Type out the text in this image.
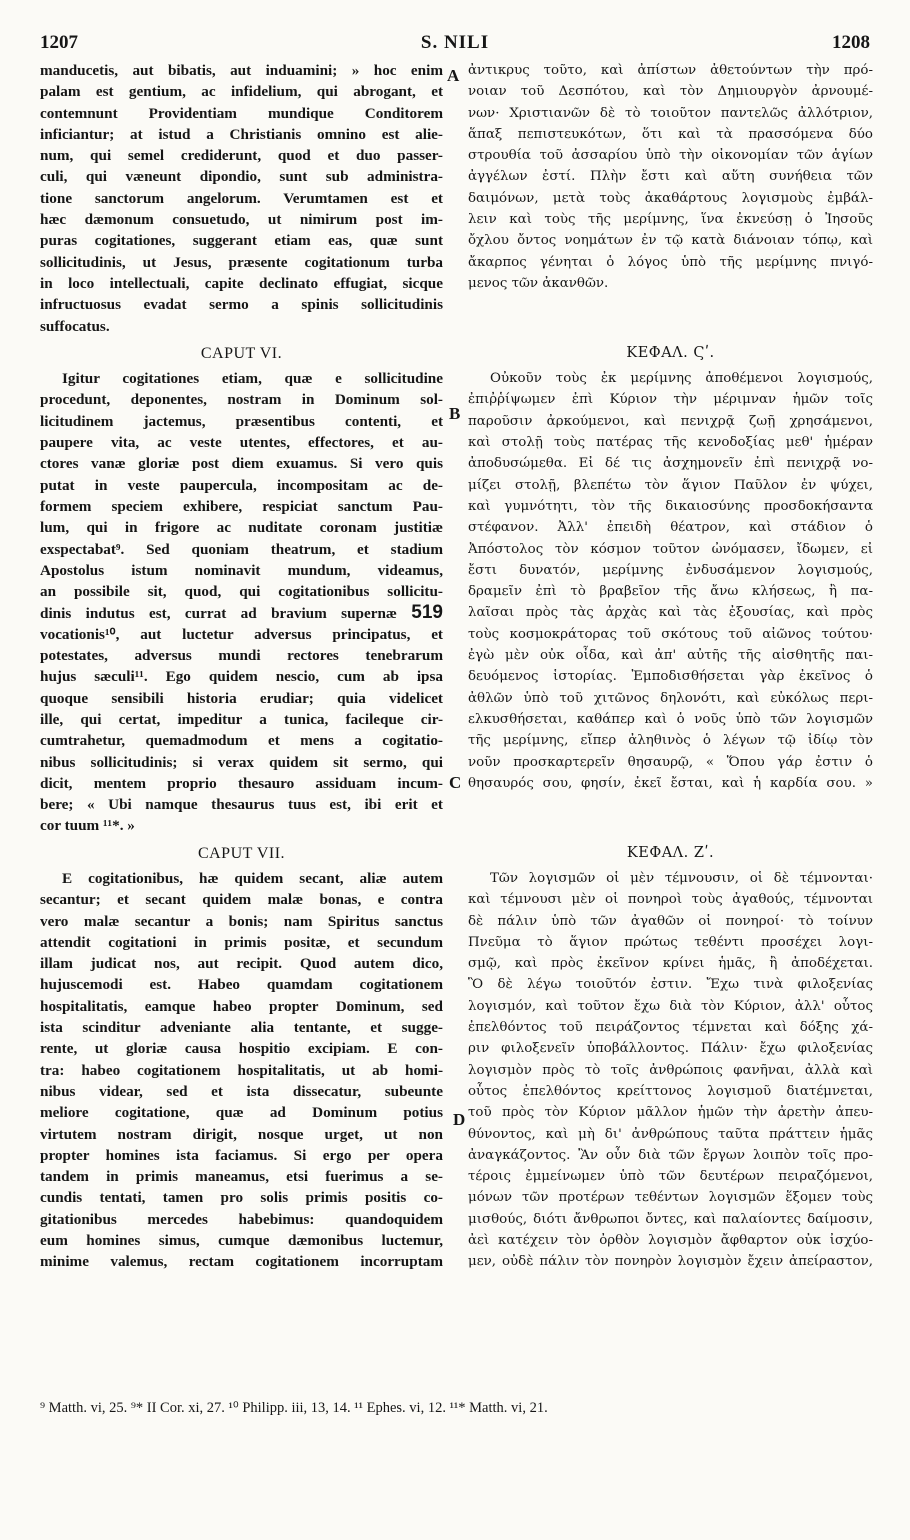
S. NILI
1207	1208
A
B
C
D
manducetis, aut bibatis, aut induamini; » hoc enim
palam est gentium, ac infidelium, qui abrogant, et
contemnunt Providentiam mundique Conditorem
inficiantur; at istud a Christianis omnino est alie-
num, qui semel crediderunt, quod et duo passer-
culi, qui væneunt dipondio, sunt sub administra-
tione sanctorum angelorum. Verumtamen est et
hæc dæmonum consuetudo, ut nimirum post im-
puras cogitationes, suggerant etiam eas, quæ sunt
sollicitudinis, ut Jesus, præsente cogitationum turba
in loco intellectuali, capite declinato effugiat, sicque
infructuosus evadat sermo a spinis sollicitudinis
suffocatus.
CAPUT VI.
Igitur cogitationes etiam, quæ e sollicitudine
procedunt, deponentes, nostram in Dominum sol-
licitudinem jactemus, præsentibus contenti, et
paupere vita, ac veste utentes, effectores, et au-
ctores vanæ gloriæ post diem exuamus. Si vero quis
putat in veste paupercula, incompositam ac de-
formem speciem exhibere, respiciat sanctum Pau-
lum, qui in frigore ac nuditate coronam justitiæ
exspectabat⁹. Sed quoniam theatrum, et stadium
Apostolus istum nominavit mundum, videamus,
an possibile sit, quod, qui cogitationibus sollicitu-
dinis indutus est, currat ad bravium supernæ 519
vocationis¹⁰, aut luctetur adversus principatus, et
potestates, adversus mundi rectores tenebrarum
hujus sæculi¹¹. Ego quidem nescio, cum ab ipsa
quoque sensibili historia erudiar; quia videlicet
ille, qui certat, impeditur a tunica, facileque cir-
cumtrahetur, quemadmodum et mens a cogitatio-
nibus sollicitudinis; si verax quidem sit sermo, qui
dicit, mentem proprio thesauro assiduam incum-
bere; « Ubi namque thesaurus tuus est, ibi erit et
cor tuum ¹¹*. »
CAPUT VII.
E cogitationibus, hæ quidem secant, aliæ autem
secantur; et secant quidem malæ bonas, e contra
vero malæ secantur a bonis; nam Spiritus sanctus
attendit cogitationi in primis positæ, et secundum
illam judicat nos, aut recipit. Quod autem dico,
hujuscemodi est. Habeo quamdam cogitationem
hospitalitatis, eamque habeo propter Dominum, sed
ista scinditur adveniante alia tentante, et sugge-
rente, ut gloriæ causa hospitio excipiam. E con-
tra: habeo cogitationem hospitalitatis, ut ab homi-
nibus videar, sed et ista dissecatur, subeunte
meliore cogitatione, quæ ad Dominum potius
virtutem nostram dirigit, nosque urget, ut non
propter homines ista faciamus. Si ergo per opera
tandem in primis maneamus, etsi fuerimus a se-
cundis tentati, tamen pro solis primis positis co-
gitationibus mercedes habebimus: quandoquidem
eum homines simus, cumque dæmonibus luctemur,
minime valemus, rectam cogitationem incorruptam
ἀντικρυς τοῦτο, καὶ ἀπίστων ἀθετούντων τὴν πρό-
νοιαν τοῦ Δεσπότου, καὶ τὸν Δημιουργὸν ἀρνουμέ-
νων· Χριστιανῶν δὲ τὸ τοιοῦτον παντελῶς ἀλλότριον,
ἅπαξ πεπιστευκότων, ὅτι καὶ τὰ πρασσόμενα δύο
στρουθία τοῦ ἀσσαρίου ὑπὸ τὴν οἰκονομίαν τῶν ἁγίων
ἀγγέλων ἐστί. Πλὴν ἔστι καὶ αὕτη συνήθεια τῶν
δαιμόνων, μετὰ τοὺς ἀκαθάρτους λογισμοὺς ἐμβάλ-
λειν καὶ τοὺς τῆς μερίμνης, ἵνα ἐκνεύσῃ ὁ Ἰησοῦς
ὄχλου ὄντος νοημάτων ἐν τῷ κατὰ διάνοιαν τόπῳ, καὶ
ἄκαρπος γένηται ὁ λόγος ὑπὸ τῆς μερίμνης πνιγό-
μενος τῶν ἀκανθῶν.
ΚΕΦΑΛ. Ϛʹ.
Οὐκοῦν τοὺς ἐκ μερίμνης ἀποθέμενοι λογισμούς,
ἐπιῤῥίψωμεν ἐπὶ Κύριον τὴν μέριμναν ἡμῶν τοῖς
παροῦσιν ἀρκούμενοι, καὶ πενιχρᾷ ζωῇ χρησάμενοι,
καὶ στολῇ τοὺς πατέρας τῆς κενοδοξίας μεθ' ἡμέραν
ἀποδυσώμεθα. Εἰ δέ τις ἀσχημονεῖν ἐπὶ πενιχρᾷ νο-
μίζει στολῇ, βλεπέτω τὸν ἅγιον Παῦλον ἐν ψύχει,
καὶ γυμνότητι, τὸν τῆς δικαιοσύνης προσδοκήσαντα
στέφανον. Ἀλλ' ἐπειδὴ θέατρον, καὶ στάδιον ὁ
Ἀπόστολος τὸν κόσμον τοῦτον ὠνόμασεν, ἴδωμεν, εἰ
ἔστι δυνατόν, μερίμνης ἐνδυσάμενον λογισμούς,
δραμεῖν ἐπὶ τὸ βραβεῖον τῆς ἄνω κλήσεως, ἢ πα-
λαῖσαι πρὸς τὰς ἀρχὰς καὶ τὰς ἐξουσίας, καὶ πρὸς
τοὺς κοσμοκράτορας τοῦ σκότους τοῦ αἰῶνος τούτου·
ἐγὼ μὲν οὐκ οἶδα, καὶ ἀπ' αὐτῆς τῆς αἰσθητῆς παι-
δευόμενος ἱστορίας. Ἐμποδισθήσεται γὰρ ἐκεῖνος ὁ
ἀθλῶν ὑπὸ τοῦ χιτῶνος δηλονότι, καὶ εὐκόλως περι-
ελκυσθήσεται, καθάπερ καὶ ὁ νοῦς ὑπὸ τῶν λογισμῶν
τῆς μερίμνης, εἴπερ ἀληθινὸς ὁ λέγων τῷ ἰδίῳ τὸν
νοῦν προσκαρτερεῖν θησαυρῷ, « Ὅπου γάρ ἐστιν ὁ
θησαυρός σου, φησίν, ἐκεῖ ἔσται, καὶ ἡ καρδία σου. »
ΚΕΦΑΛ. Ζʹ.
Τῶν λογισμῶν οἱ μὲν τέμνουσιν, οἱ δὲ τέμνονται·
καὶ τέμνουσι μὲν οἱ πονηροὶ τοὺς ἀγαθούς, τέμνονται
δὲ πάλιν ὑπὸ τῶν ἀγαθῶν οἱ πονηροί· τὸ τοίνυν
Πνεῦμα τὸ ἅγιον πρώτως τεθέντι προσέχει λογι-
σμῷ, καὶ πρὸς ἐκεῖνον κρίνει ἡμᾶς, ἢ ἀποδέχεται.
Ὃ δὲ λέγω τοιοῦτόν ἐστιν. Ἔχω τινὰ φιλοξενίας
λογισμόν, καὶ τοῦτον ἔχω διὰ τὸν Κύριον, ἀλλ' οὗτος
ἐπελθόντος τοῦ πειράζοντος τέμνεται καὶ δόξης χά-
ριν φιλοξενεῖν ὑποβάλλοντος. Πάλιν· ἔχω φιλοξενίας
λογισμὸν πρὸς τὸ τοῖς ἀνθρώποις φανῆναι, ἀλλὰ καὶ
οὗτος ἐπελθόντος κρείττονος λογισμοῦ διατέμνεται,
τοῦ πρὸς τὸν Κύριον μᾶλλον ἡμῶν τὴν ἀρετὴν ἀπευ-
θύνοντος, καὶ μὴ δι' ἀνθρώπους ταῦτα πράττειν ἡμᾶς
ἀναγκάζοντος. Ἂν οὖν διὰ τῶν ἔργων λοιπὸν τοῖς προ-
τέροις ἐμμείνωμεν ὑπὸ τῶν δευτέρων πειραζόμενοι,
μόνων τῶν προτέρων τεθέντων λογισμῶν ἕξομεν τοὺς
μισθούς, διότι ἄνθρωποι ὄντες, καὶ παλαίοντες δαίμοσιν,
ἀεὶ κατέχειν τὸν ὀρθὸν λογισμὸν ἄφθαρτον οὐκ ἰσχύο-
μεν, οὐδὲ πάλιν τὸν πονηρὸν λογισμὸν ἔχειν ἀπείραστον,
⁹ Matth. vi, 25. ⁹* II Cor. xi, 27. ¹⁰ Philipp. iii, 13, 14. ¹¹ Ephes. vi, 12. ¹¹* Matth. vi, 21.
